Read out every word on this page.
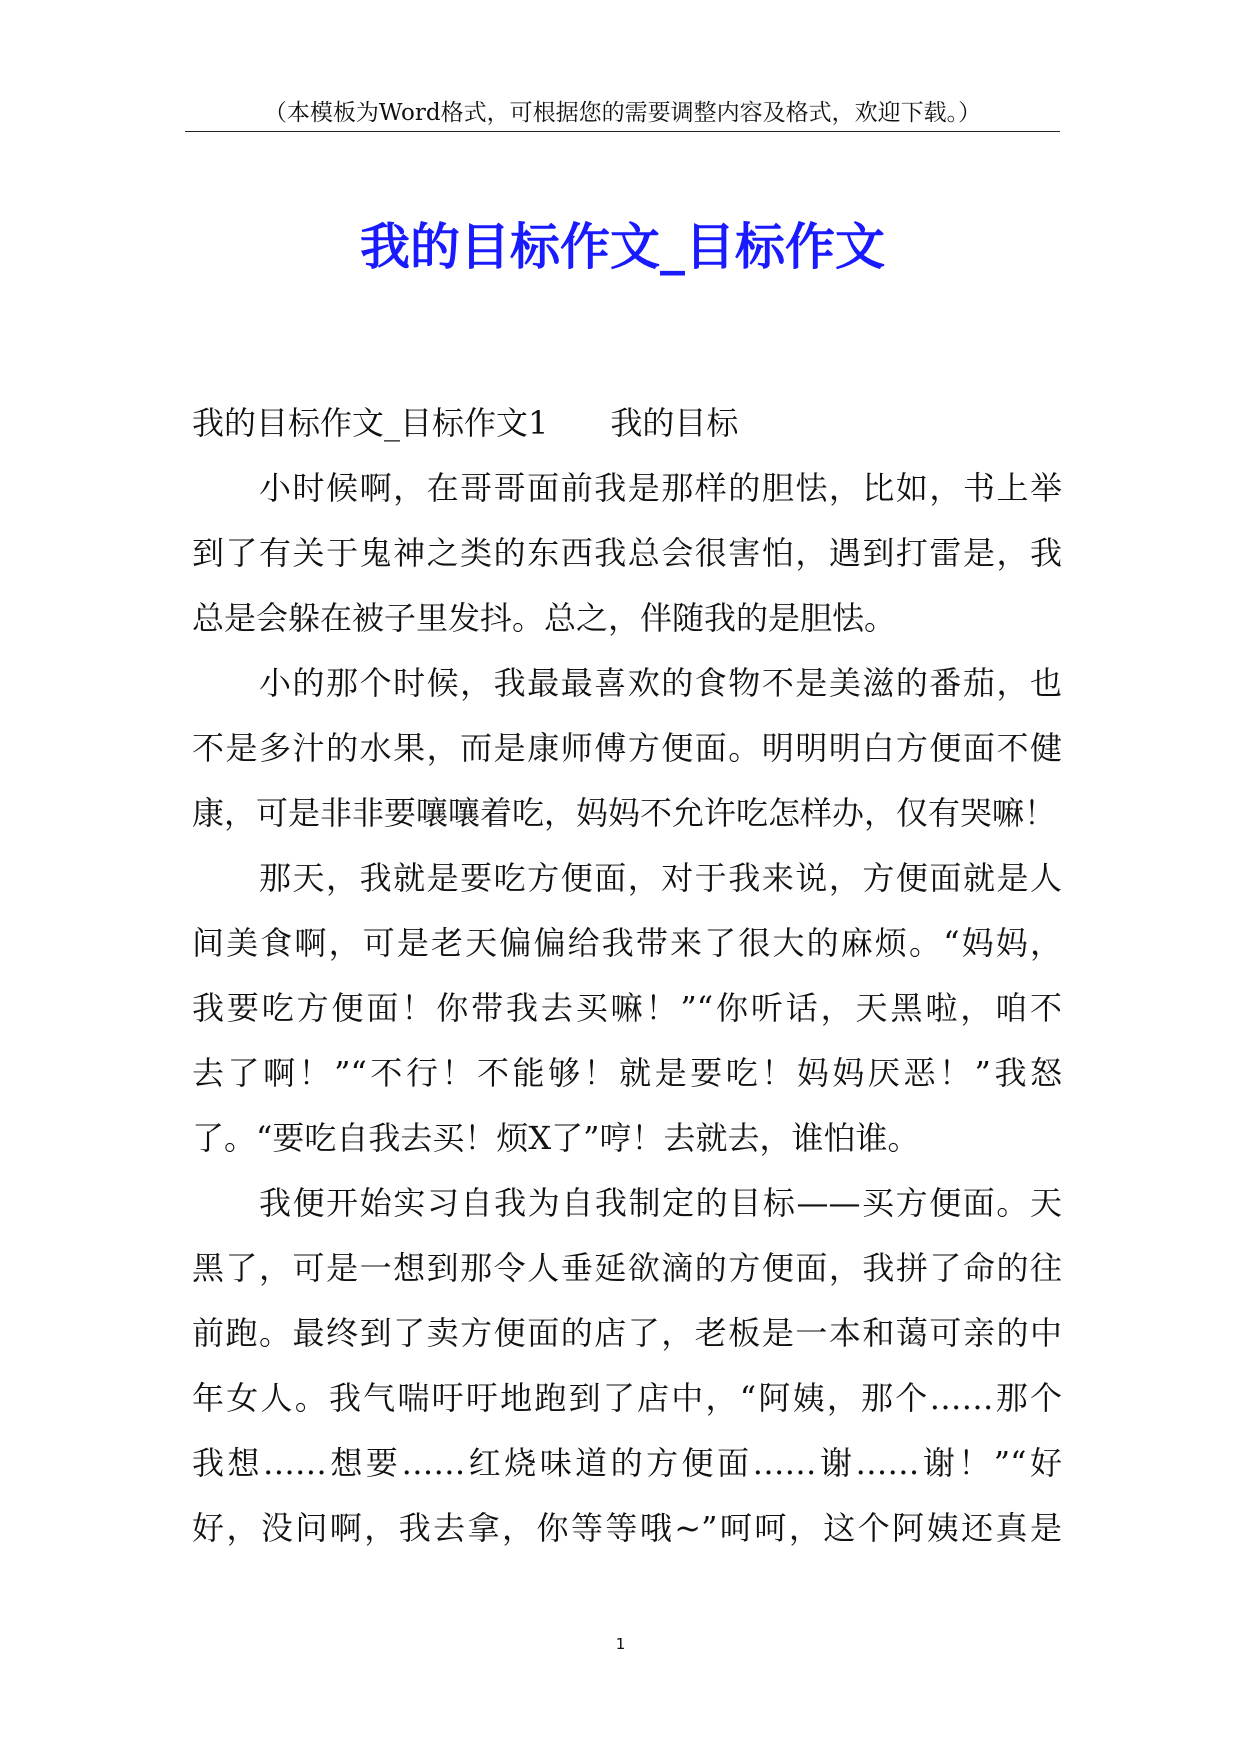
（本模板为Word格式，可根据您的需要调整内容及格式，欢迎下载。）
我的目标作文_目标作文
我的目标作文_目标作文1 我的目标
小时候啊，在哥哥面前我是那样的胆怯，比如，书上举
到了有关于鬼神之类的东西我总会很害怕，遇到打雷是，我
总是会躲在被子里发抖。总之，伴随我的是胆怯。
小的那个时候，我最最喜欢的食物不是美滋的番茄，也
不是多汁的水果，而是康师傅方便面。明明明白方便面不健
康，可是非非要嚷嚷着吃，妈妈不允许吃怎样办，仅有哭嘛！
那天，我就是要吃方便面，对于我来说，方便面就是人
间美食啊，可是老天偏偏给我带来了很大的麻烦。“妈妈，
我要吃方便面！你带我去买嘛！”“你听话，天黑啦，咱不
去了啊！”“不行！不能够！就是要吃！妈妈厌恶！”我怒
了。“要吃自我去买！烦X了”哼！去就去，谁怕谁。
我便开始实习自我为自我制定的目标——买方便面。天
黑了，可是一想到那令人垂延欲滴的方便面，我拼了命的往
前跑。最终到了卖方便面的店了，老板是一本和蔼可亲的中
年女人。我气喘吁吁地跑到了店中，“阿姨，那个……那个
我想……想要……红烧味道的方便面……谢……谢！”“好
好，没问啊，我去拿，你等等哦~”呵呵，这个阿姨还真是
1
